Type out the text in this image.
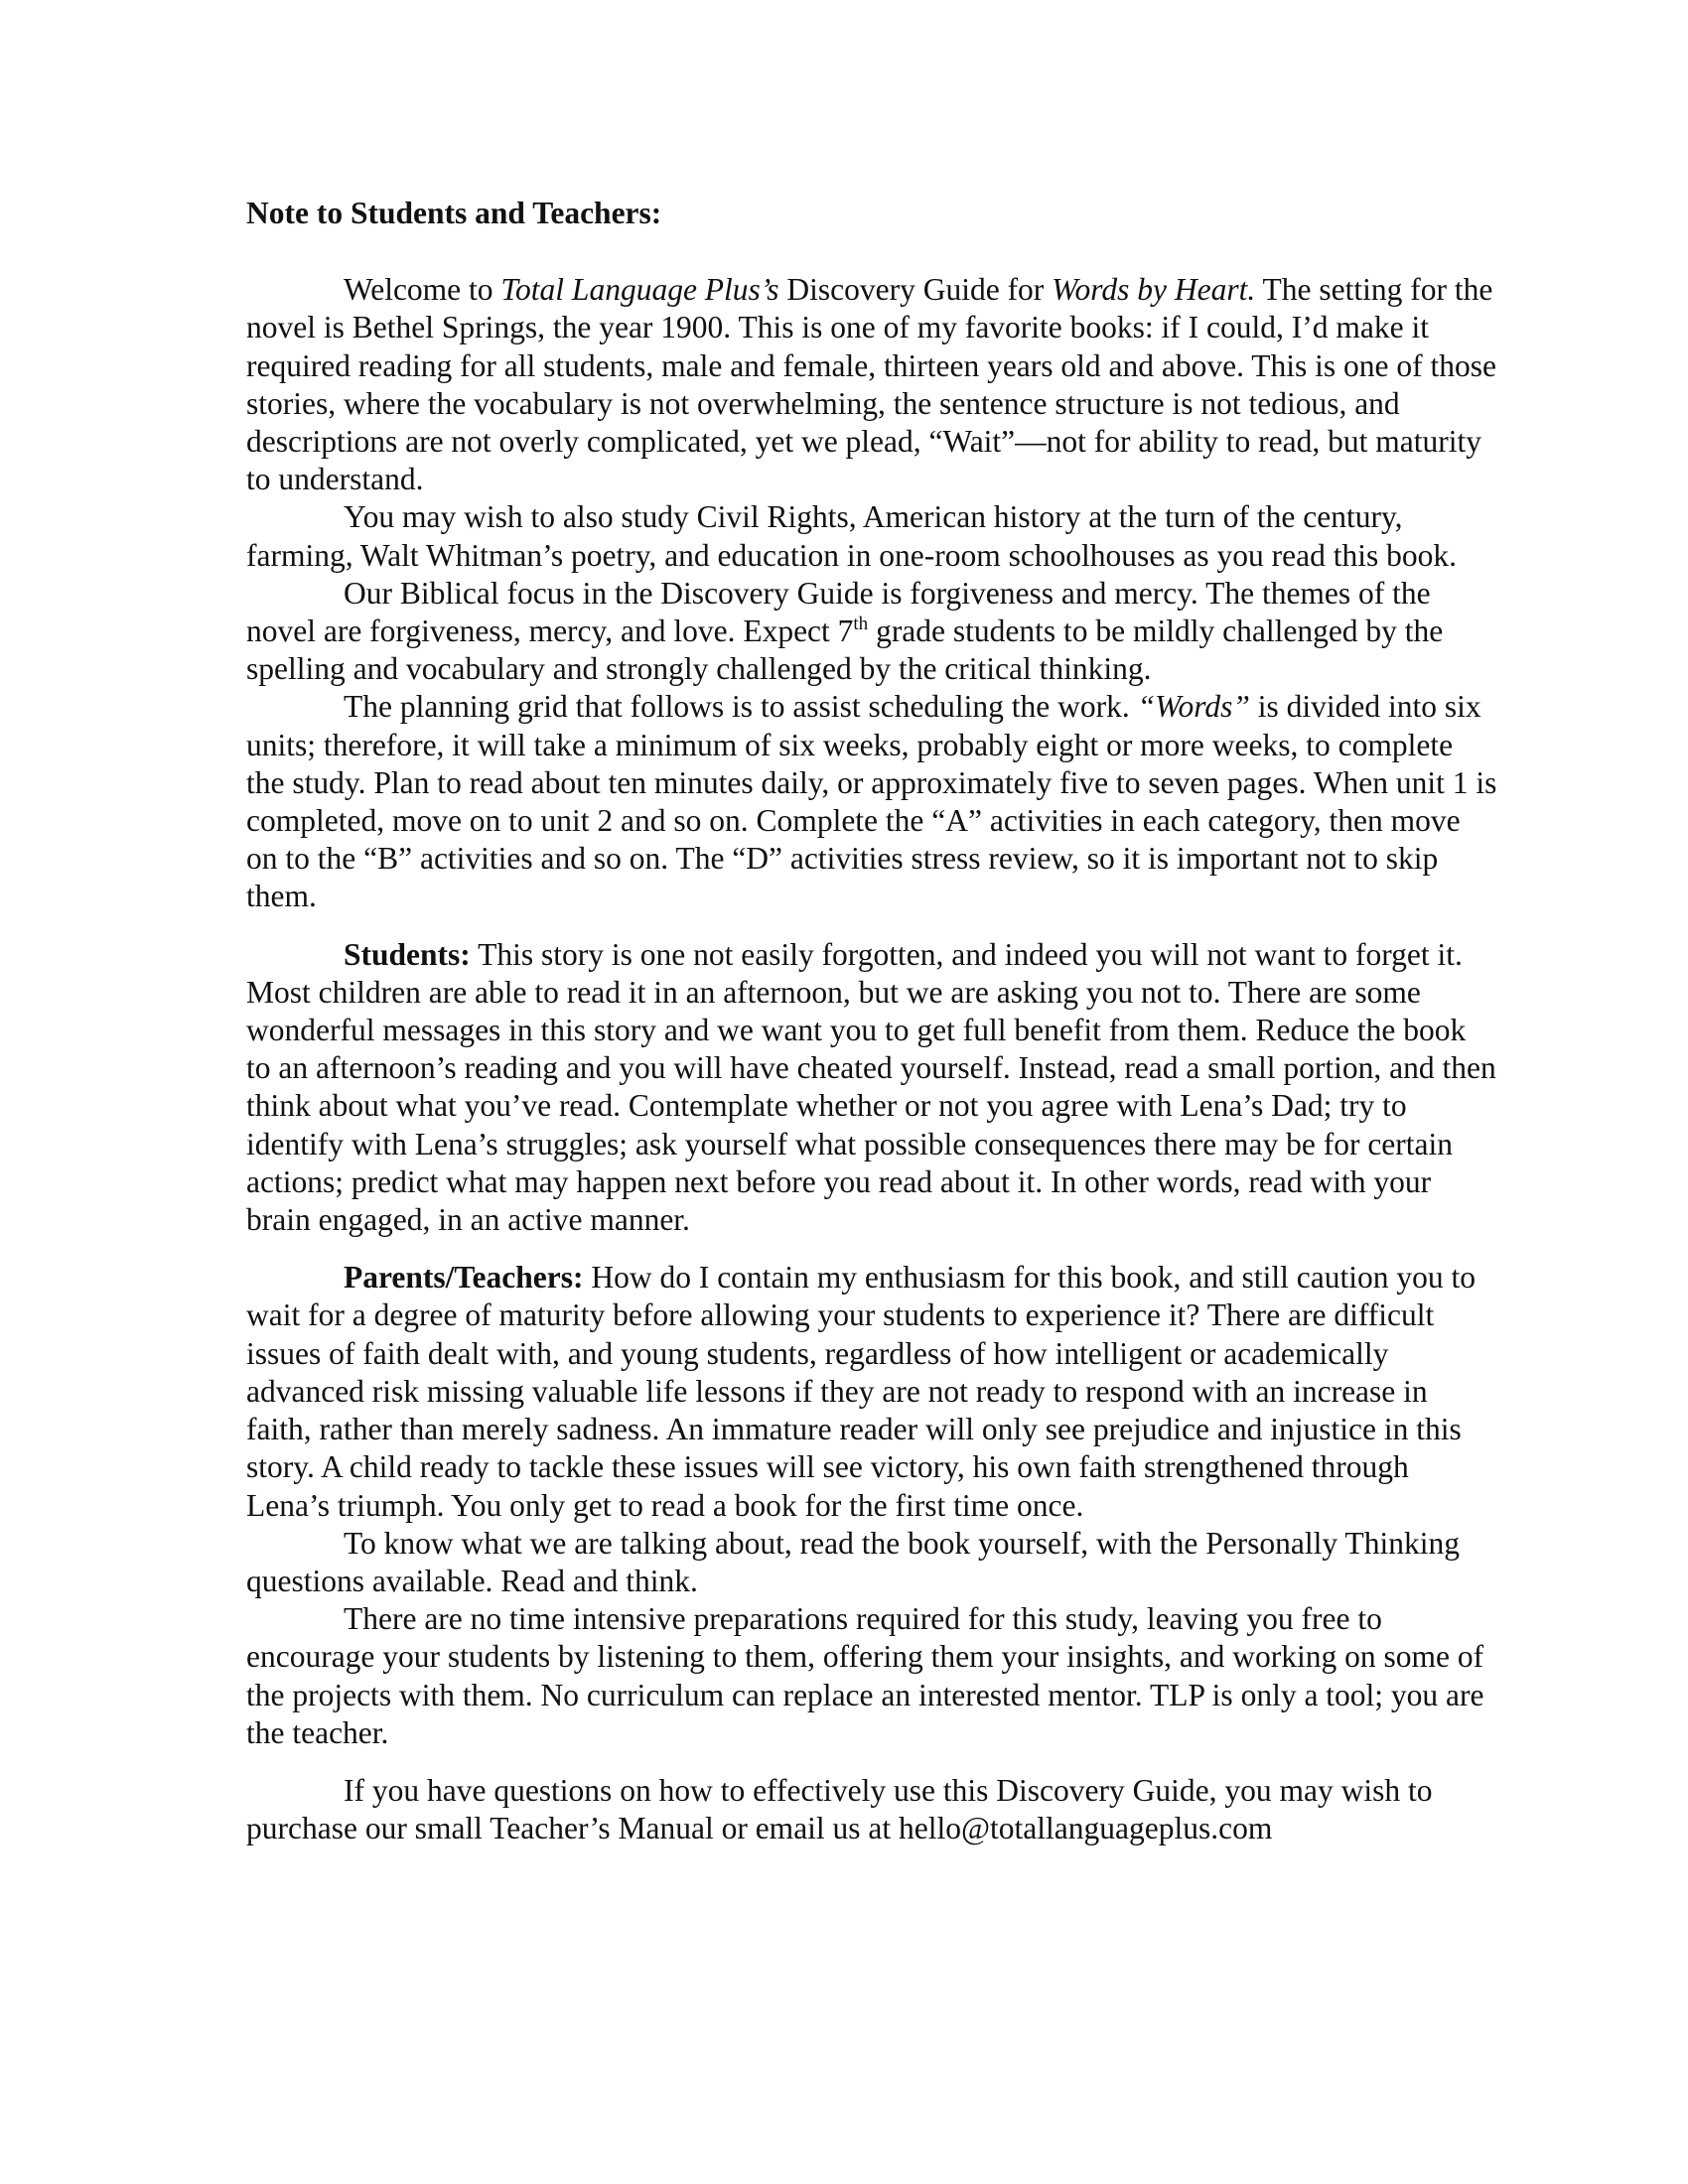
Note to Students and Teachers:

Welcome to Total Language Plus’s Discovery Guide for Words by Heart. The setting for the novel is Bethel Springs, the year 1900. This is one of my favorite books: if I could, I’d make it required reading for all students, male and female, thirteen years old and above. This is one of those stories, where the vocabulary is not overwhelming, the sentence structure is not tedious, and descriptions are not overly complicated, yet we plead, “Wait”—not for ability to read, but maturity to understand.

You may wish to also study Civil Rights, American history at the turn of the century, farming, Walt Whitman’s poetry, and education in one-room schoolhouses as you read this book.

Our Biblical focus in the Discovery Guide is forgiveness and mercy. The themes of the novel are forgiveness, mercy, and love. Expect 7th grade students to be mildly challenged by the spelling and vocabulary and strongly challenged by the critical thinking.

The planning grid that follows is to assist scheduling the work. “Words” is divided into six units; therefore, it will take a minimum of six weeks, probably eight or more weeks, to complete the study. Plan to read about ten minutes daily, or approximately five to seven pages. When unit 1 is completed, move on to unit 2 and so on. Complete the “A” activities in each category, then move on to the “B” activities and so on. The “D” activities stress review, so it is important not to skip them.

Students: This story is one not easily forgotten, and indeed you will not want to forget it. Most children are able to read it in an afternoon, but we are asking you not to. There are some wonderful messages in this story and we want you to get full benefit from them. Reduce the book to an afternoon’s reading and you will have cheated yourself. Instead, read a small portion, and then think about what you’ve read. Contemplate whether or not you agree with Lena’s Dad; try to identify with Lena’s struggles; ask yourself what possible consequences there may be for certain actions; predict what may happen next before you read about it. In other words, read with your brain engaged, in an active manner.

Parents/Teachers: How do I contain my enthusiasm for this book, and still caution you to wait for a degree of maturity before allowing your students to experience it? There are difficult issues of faith dealt with, and young students, regardless of how intelligent or academically advanced risk missing valuable life lessons if they are not ready to respond with an increase in faith, rather than merely sadness. An immature reader will only see prejudice and injustice in this story. A child ready to tackle these issues will see victory, his own faith strengthened through Lena’s triumph. You only get to read a book for the first time once.

To know what we are talking about, read the book yourself, with the Personally Thinking questions available. Read and think.

There are no time intensive preparations required for this study, leaving you free to encourage your students by listening to them, offering them your insights, and working on some of the projects with them. No curriculum can replace an interested mentor. TLP is only a tool; you are the teacher.

If you have questions on how to effectively use this Discovery Guide, you may wish to purchase our small Teacher’s Manual or email us at hello@totallanguageplus.com
